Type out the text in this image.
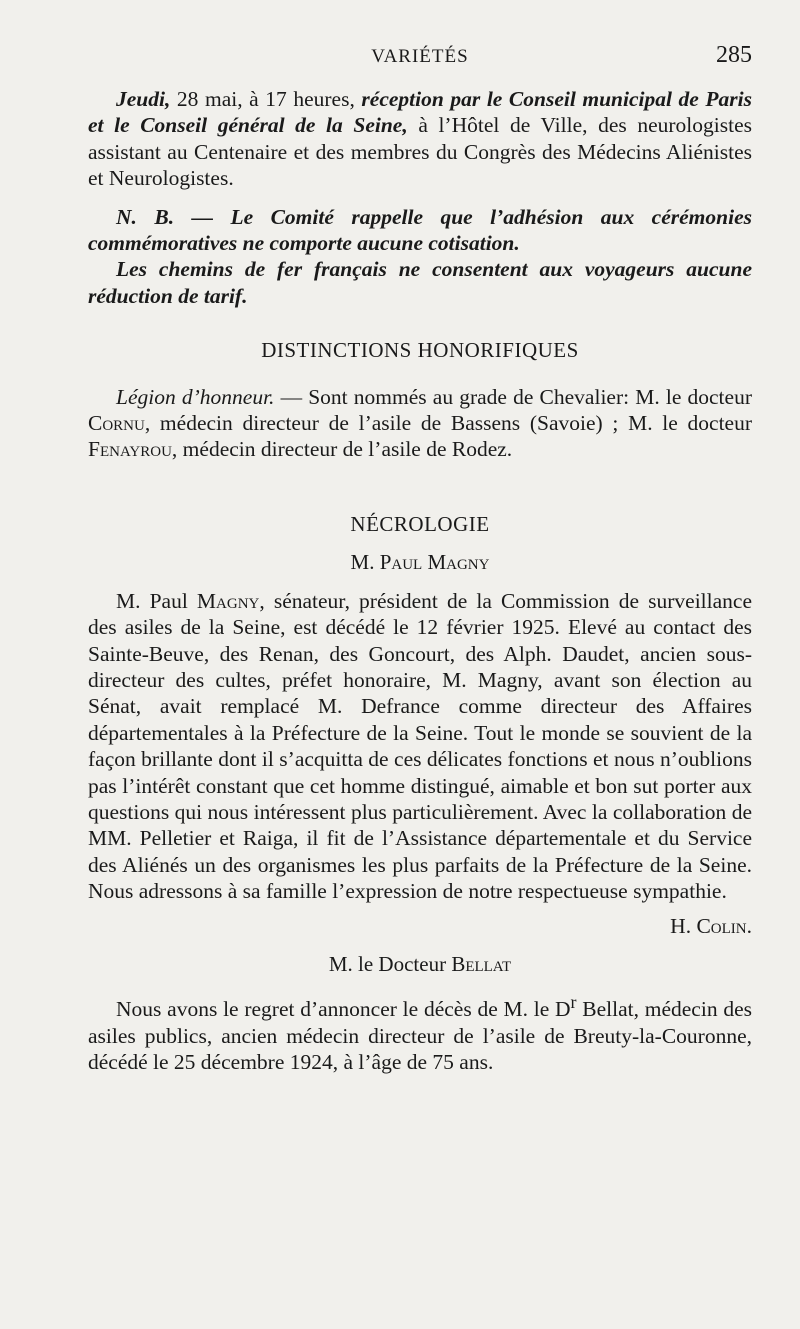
VARIÉTÉS	285

Jeudi, 28 mai, à 17 heures, réception par le Conseil municipal de Paris et le Conseil général de la Seine, à l’Hôtel de Ville, des neurologistes assistant au Centenaire et des membres du Congrès des Médecins Aliénistes et Neurologistes.

N. B. — Le Comité rappelle que l’adhésion aux cérémonies commémoratives ne comporte aucune cotisation.

Les chemins de fer français ne consentent aux voyageurs aucune réduction de tarif.

DISTINCTIONS HONORIFIQUES

Légion d’honneur. — Sont nommés au grade de Chevalier: M. le docteur Cornu, médecin directeur de l’asile de Bassens (Savoie) ; M. le docteur Fenayrou, médecin directeur de l’asile de Rodez.

NÉCROLOGIE
M. Paul Magny

M. Paul Magny, sénateur, président de la Commission de surveillance des asiles de la Seine, est décédé le 12 février 1925. Elevé au contact des Sainte-Beuve, des Renan, des Goncourt, des Alph. Daudet, ancien sous-directeur des cultes, préfet honoraire, M. Magny, avant son élection au Sénat, avait remplacé M. Defrance comme directeur des Affaires départementales à la Préfecture de la Seine. Tout le monde se souvient de la façon brillante dont il s’acquitta de ces délicates fonctions et nous n’oublions pas l’intérêt constant que cet homme distingué, aimable et bon sut porter aux questions qui nous intéressent plus particulièrement. Avec la collaboration de MM. Pelletier et Raiga, il fit de l’Assistance départementale et du Service des Aliénés un des organismes les plus parfaits de la Préfecture de la Seine. Nous adressons à sa famille l’expression de notre respectueuse sympathie.

H. Colin.
M. le Docteur Bellat

Nous avons le regret d’annoncer le décès de M. le $D^r$ Bellat, médecin des asiles publics, ancien médecin directeur de l’asile de Breuty-la-Couronne, décédé le 25 décembre 1924, à l’âge de 75 ans.
